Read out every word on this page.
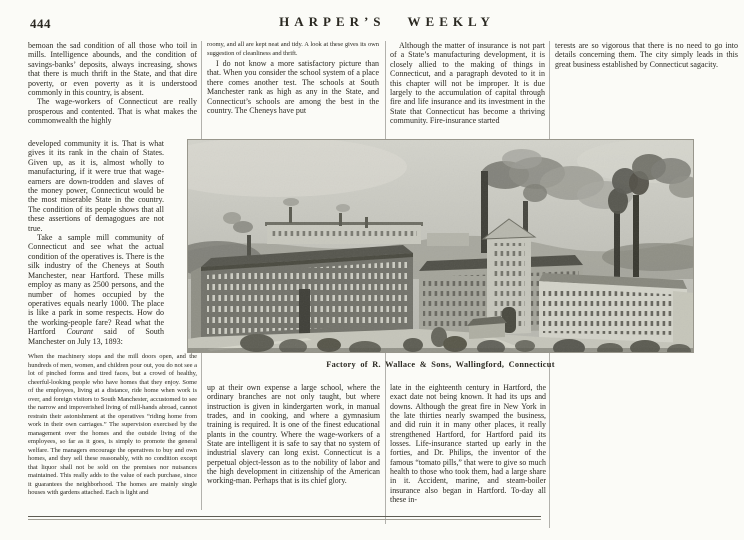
444	HARPER’S WEEKLY

bemoan the sad condition of all those who toil in mills. Intelligence abounds, and the condition of savings-banks’ deposits, always increasing, shows that there is much thrift in the State, and that dire poverty, or even poverty as it is understood commonly in this country, is absent.

The wage-workers of Connecticut are really prosperous and contented. That is what makes the commonwealth the highly

developed community it is. That is what gives it its rank in the chain of States. Given up, as it is, almost wholly to manufacturing, if it were true that wage-earners are down-trodden and slaves of the money power, Connecticut would be the most miserable State in the country. The condition of its people shows that all these assertions of demagogues are not true.

Take a sample mill community of Connecticut and see what the actual condition of the operatives is. There is the silk industry of the Cheneys at South Manchester, near Hartford. These mills employ as many as 2500 persons, and the number of homes occupied by the operatives equals nearly 1000. The place is like a park in some respects. How do the working-people fare? Read what the Hartford Courant said of South Manchester on July 13, 1893:

When the machinery stops and the mill doors open, and the hundreds of men, women, and children pour out, you do not see a lot of pinched forms and tired faces, but a crowd of healthy, cheerful-looking people who have homes that they enjoy. Some of the employees, living at a distance, ride home when work is over, and foreign visitors to South Manchester, accustomed to see the narrow and impoverished living of mill-hands abroad, cannot restrain their astonishment at the operatives “riding home from work in their own carriages.” The supervision exercised by the management over the homes and the outside living of the employees, so far as it goes, is simply to promote the general welfare. The managers encourage the operatives to buy and own homes, and they sell these reasonably, with no condition except that liquor shall not be sold on the premises nor nuisances maintained. This really adds to the value of each purchase, since it guarantees the neighborhood. The homes are mainly single houses with gardens attached. Each is light and

roomy, and all are kept neat and tidy. A look at these gives its own suggestion of cleanliness and thrift.

I do not know a more satisfactory picture than that. When you consider the school system of a place there comes another test. The schools at South Manchester rank as high as any in the State, and Connecticut’s schools are among the best in the country. The Cheneys have put

Although the matter of insurance is not part of a State’s manufacturing development, it is closely allied to the making of things in Connecticut, and a paragraph devoted to it in this chapter will not be improper. It is due largely to the accumulation of capital through fire and life insurance and its investment in the State that Connecticut has become a thriving community. Fire-insurance started

terests are so vigorous that there is no need to go into details concerning them. The city simply leads in this great business established by Connecticut sagacity.

Factory of R. Wallace & Sons, Wallingford, Connecticut

up at their own expense a large school, where the ordinary branches are not only taught, but where instruction is given in kindergarten work, in manual trades, and in cooking, and where a gymnasium training is required. It is one of the finest educational plants in the country. Where the wage-workers of a State are intelligent it is safe to say that no system of industrial slavery can long exist. Connecticut is a perpetual object-lesson as to the nobility of labor and the high development in citizenship of the American working-man. Perhaps that is its chief glory.

late in the eighteenth century in Hartford, the exact date not being known. It had its ups and downs. Although the great fire in New York in the late thirties nearly swamped the business, and did ruin it in many other places, it really strengthened Hartford, for Hartford paid its losses. Life-insurance started up early in the forties, and Dr. Philips, the inventor of the famous “tomato pills,” that were to give so much health to those who took them, had a large share in it. Accident, marine, and steam-boiler insurance also began in Hartford. To-day all these in-
